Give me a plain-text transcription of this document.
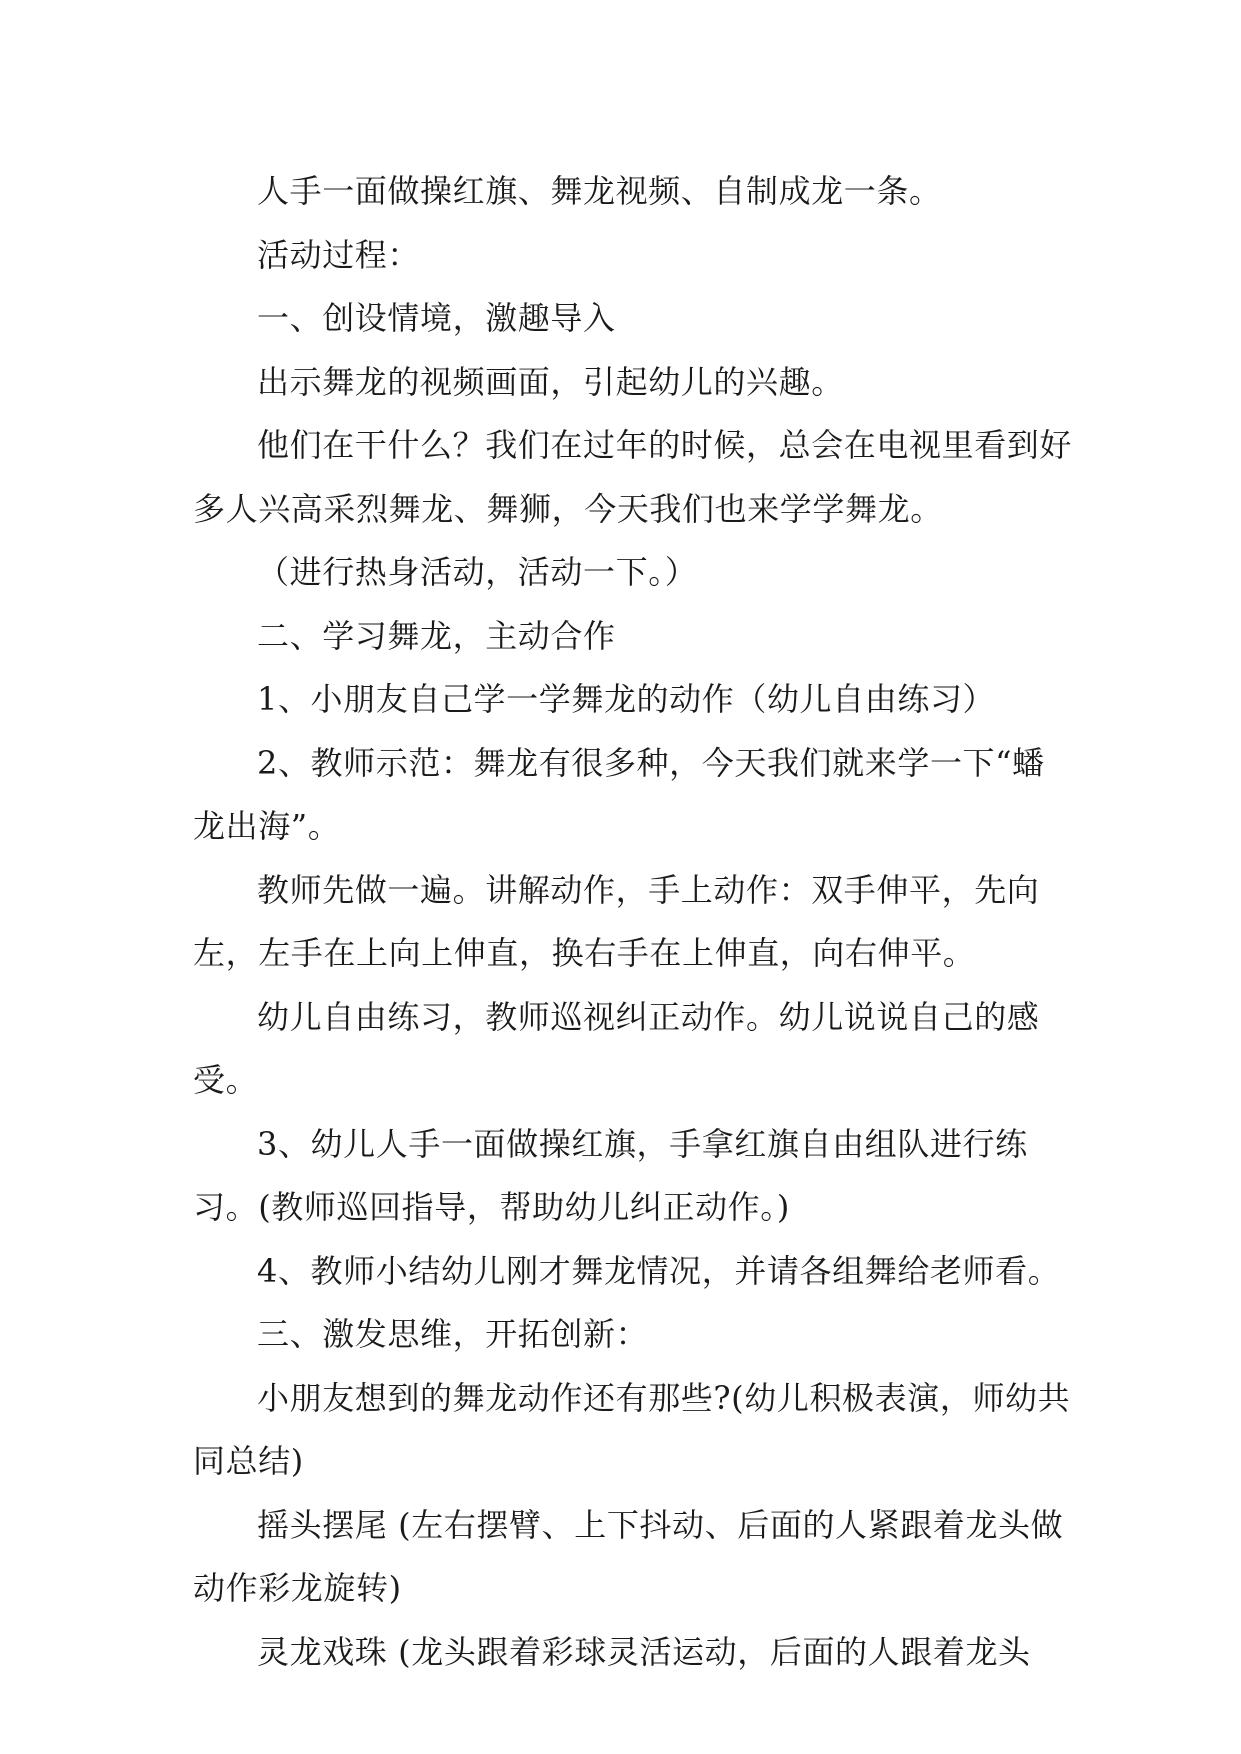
人手一面做操红旗、舞龙视频、自制成龙一条。

活动过程：

一、创设情境，激趣导入

出示舞龙的视频画面，引起幼儿的兴趣。

他们在干什么？我们在过年的时候，总会在电视里看到好多人兴高采烈舞龙、舞狮，今天我们也来学学舞龙。

（进行热身活动，活动一下。）

二、学习舞龙，主动合作

1、小朋友自己学一学舞龙的动作（幼儿自由练习）

2、教师示范：舞龙有很多种，今天我们就来学一下“蟠龙出海”。

教师先做一遍。讲解动作，手上动作：双手伸平，先向左，左手在上向上伸直，换右手在上伸直，向右伸平。

幼儿自由练习，教师巡视纠正动作。幼儿说说自己的感受。

3、幼儿人手一面做操红旗，手拿红旗自由组队进行练习。(教师巡回指导，帮助幼儿纠正动作。)

4、教师小结幼儿刚才舞龙情况，并请各组舞给老师看。

三、激发思维，开拓创新：

小朋友想到的舞龙动作还有那些?(幼儿积极表演，师幼共同总结)

摇头摆尾 (左右摆臂、上下抖动、后面的人紧跟着龙头做动作彩龙旋转)

灵龙戏珠 (龙头跟着彩球灵活运动，后面的人跟着龙头
